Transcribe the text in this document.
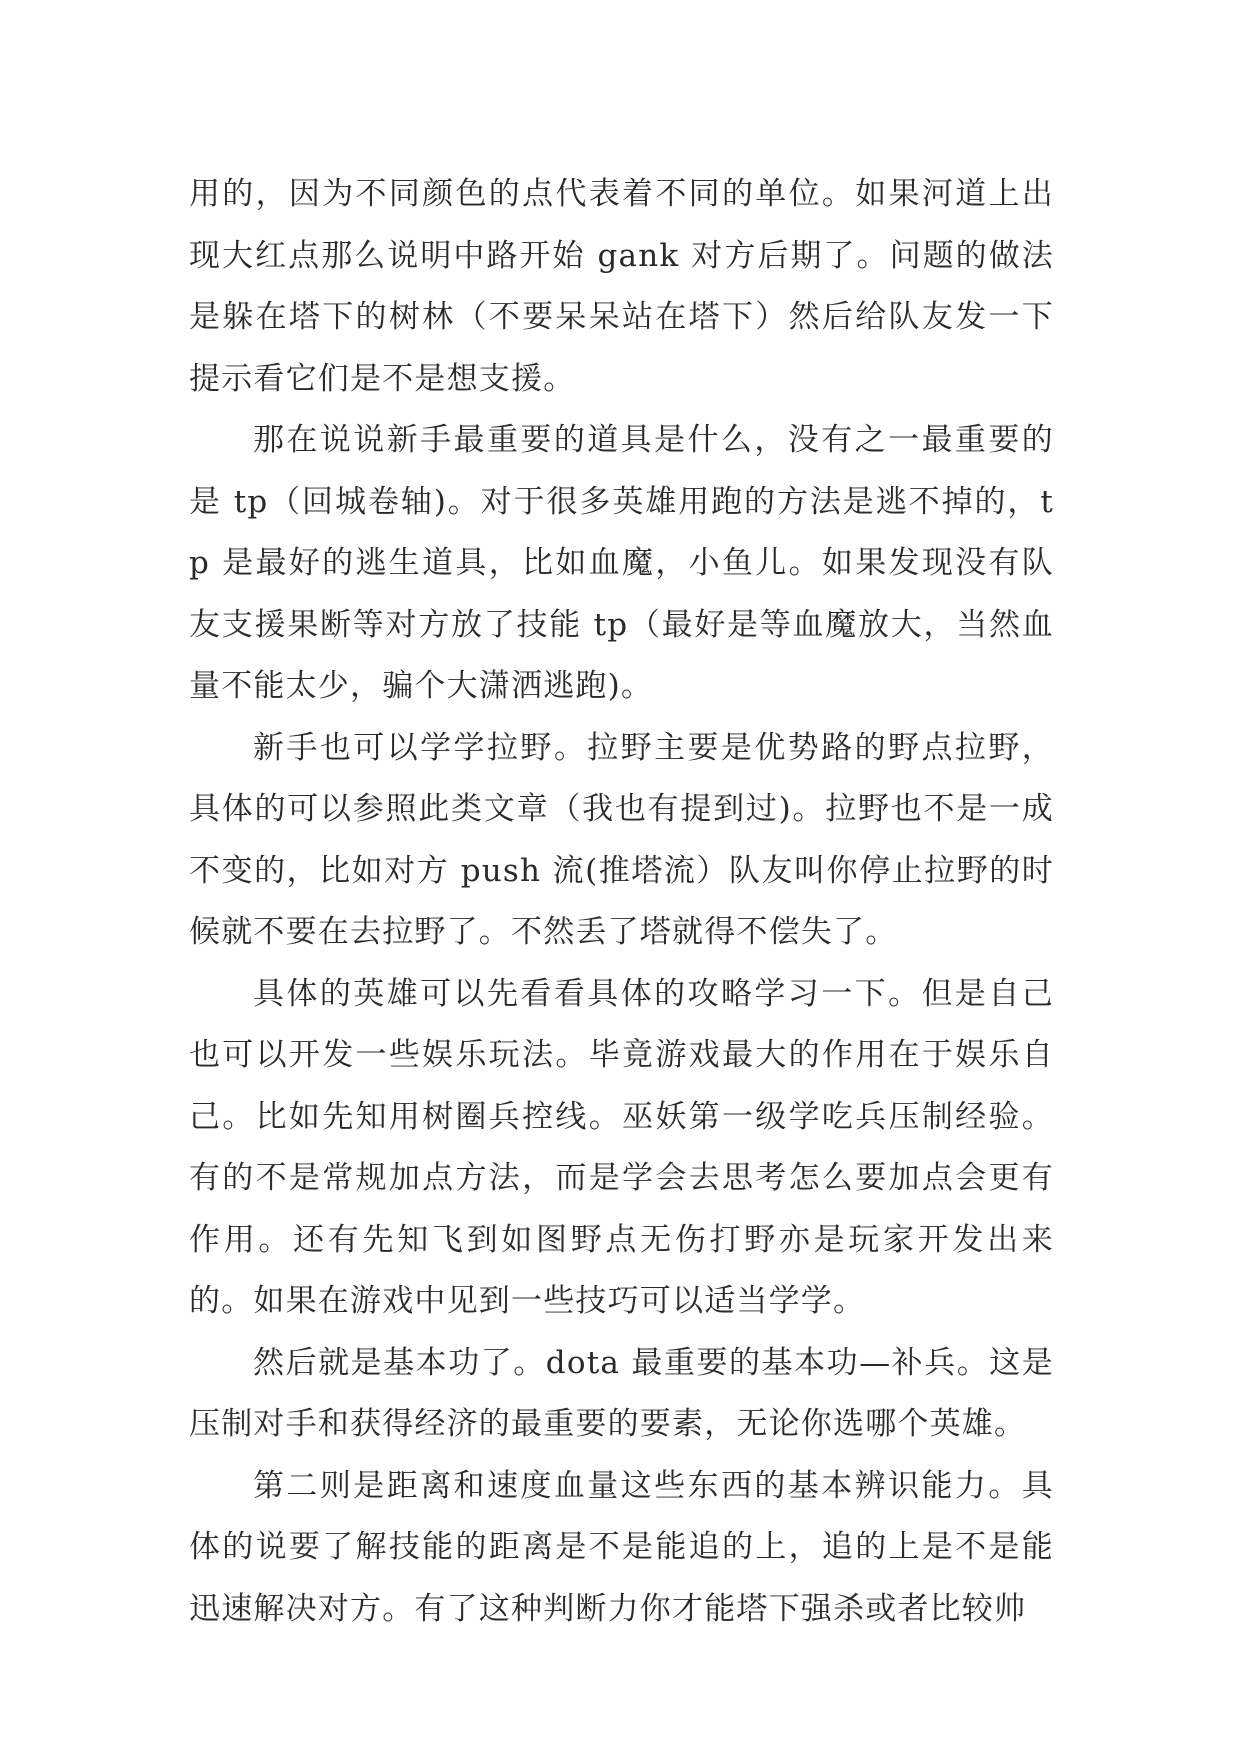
用的，因为不同颜色的点代表着不同的单位。如果河道上出现大红点那么说明中路开始 gank 对方后期了。问题的做法是躲在塔下的树林（不要呆呆站在塔下）然后给队友发一下提示看它们是不是想支援。

那在说说新手最重要的道具是什么，没有之一最重要的是 tp（回城卷轴)。对于很多英雄用跑的方法是逃不掉的，tp 是最好的逃生道具，比如血魔，小鱼儿。如果发现没有队友支援果断等对方放了技能 tp（最好是等血魔放大，当然血量不能太少，骗个大潇洒逃跑)。

新手也可以学学拉野。拉野主要是优势路的野点拉野，具体的可以参照此类文章（我也有提到过)。拉野也不是一成不变的，比如对方 push 流(推塔流）队友叫你停止拉野的时候就不要在去拉野了。不然丢了塔就得不偿失了。

具体的英雄可以先看看具体的攻略学习一下。但是自己也可以开发一些娱乐玩法。毕竟游戏最大的作用在于娱乐自己。比如先知用树圈兵控线。巫妖第一级学吃兵压制经验。有的不是常规加点方法，而是学会去思考怎么要加点会更有作用。还有先知飞到如图野点无伤打野亦是玩家开发出来的。如果在游戏中见到一些技巧可以适当学学。

然后就是基本功了。dota 最重要的基本功—补兵。这是压制对手和获得经济的最重要的要素，无论你选哪个英雄。

第二则是距离和速度血量这些东西的基本辨识能力。具体的说要了解技能的距离是不是能追的上，追的上是不是能迅速解决对方。有了这种判断力你才能塔下强杀或者比较帅
